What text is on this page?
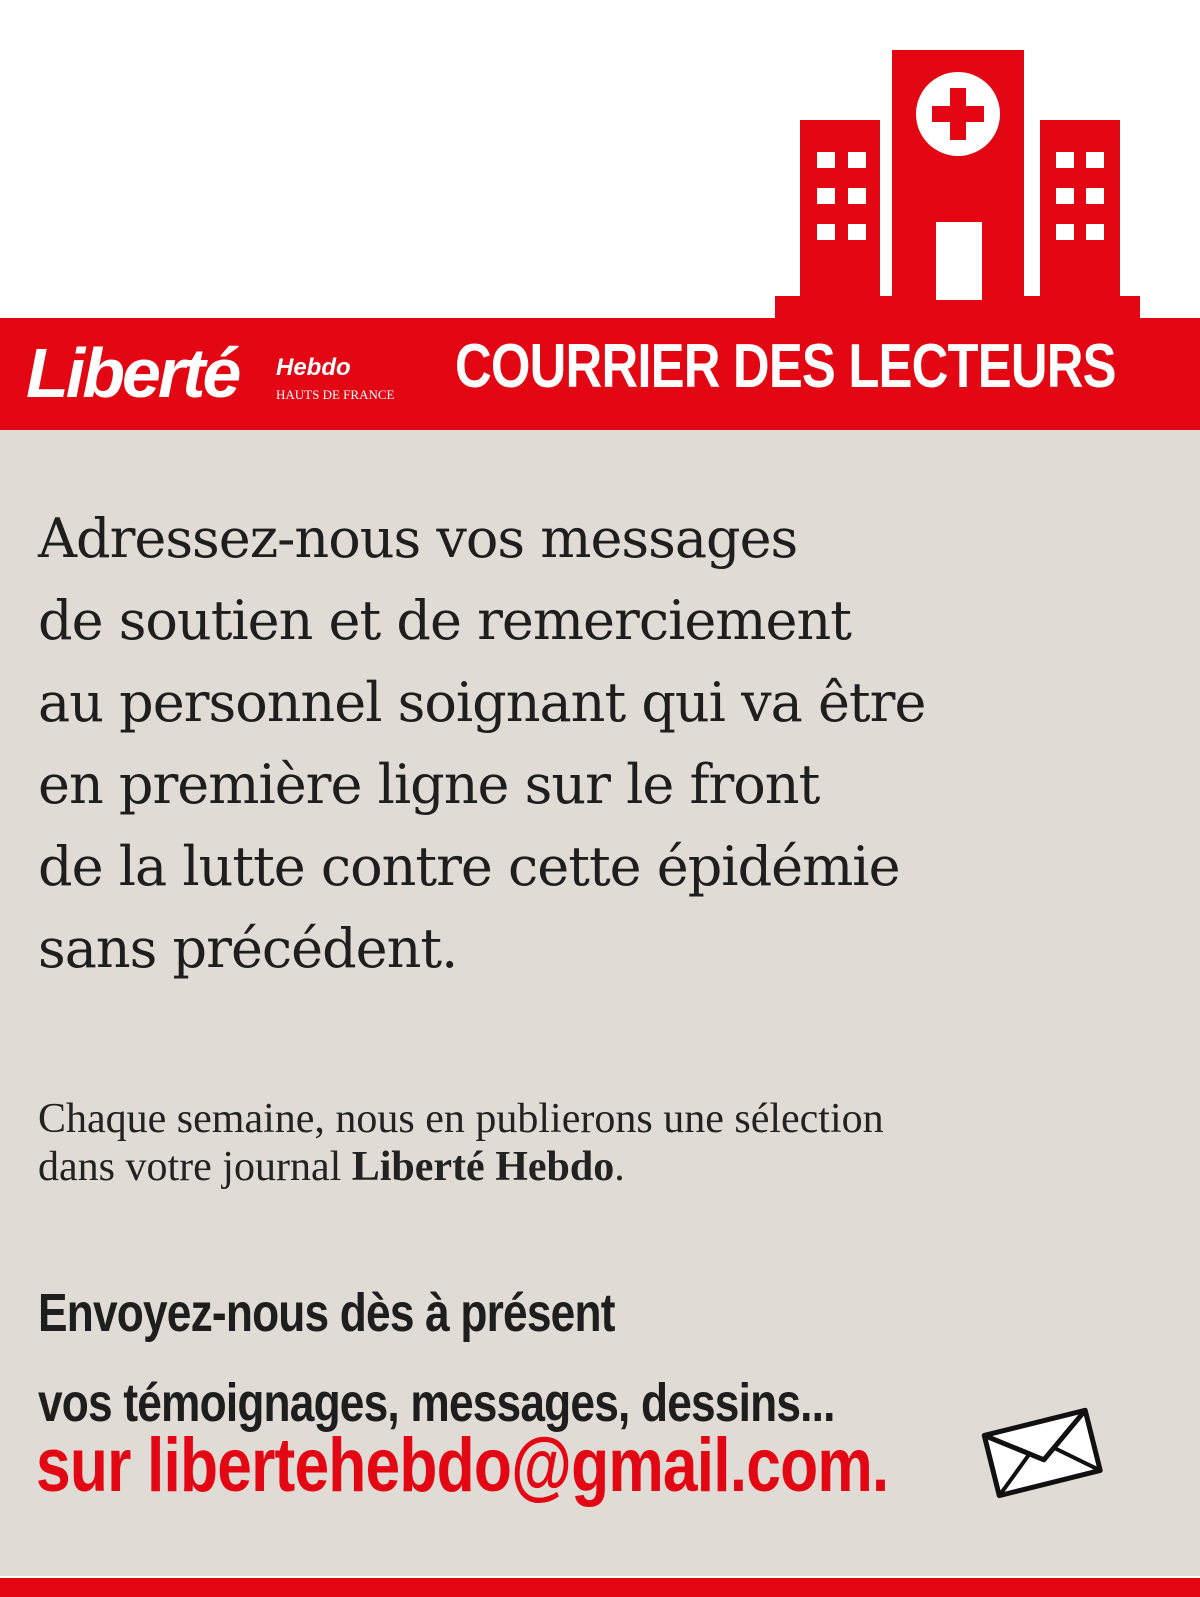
Liberté Hebdo
HAUTS DE FRANCE COURRIER DES LECTEURS
Adressez-nous vos messages
de soutien et de remerciement
au personnel soignant qui va être
en première ligne sur le front
de la lutte contre cette épidémie
sans précédent.
Chaque semaine, nous en publierons une sélection
dans votre journal Liberté Hebdo.
Envoyez-nous dès à présent
vos témoignages, messages, dessins...
sur libertehebdo@gmail.com.
